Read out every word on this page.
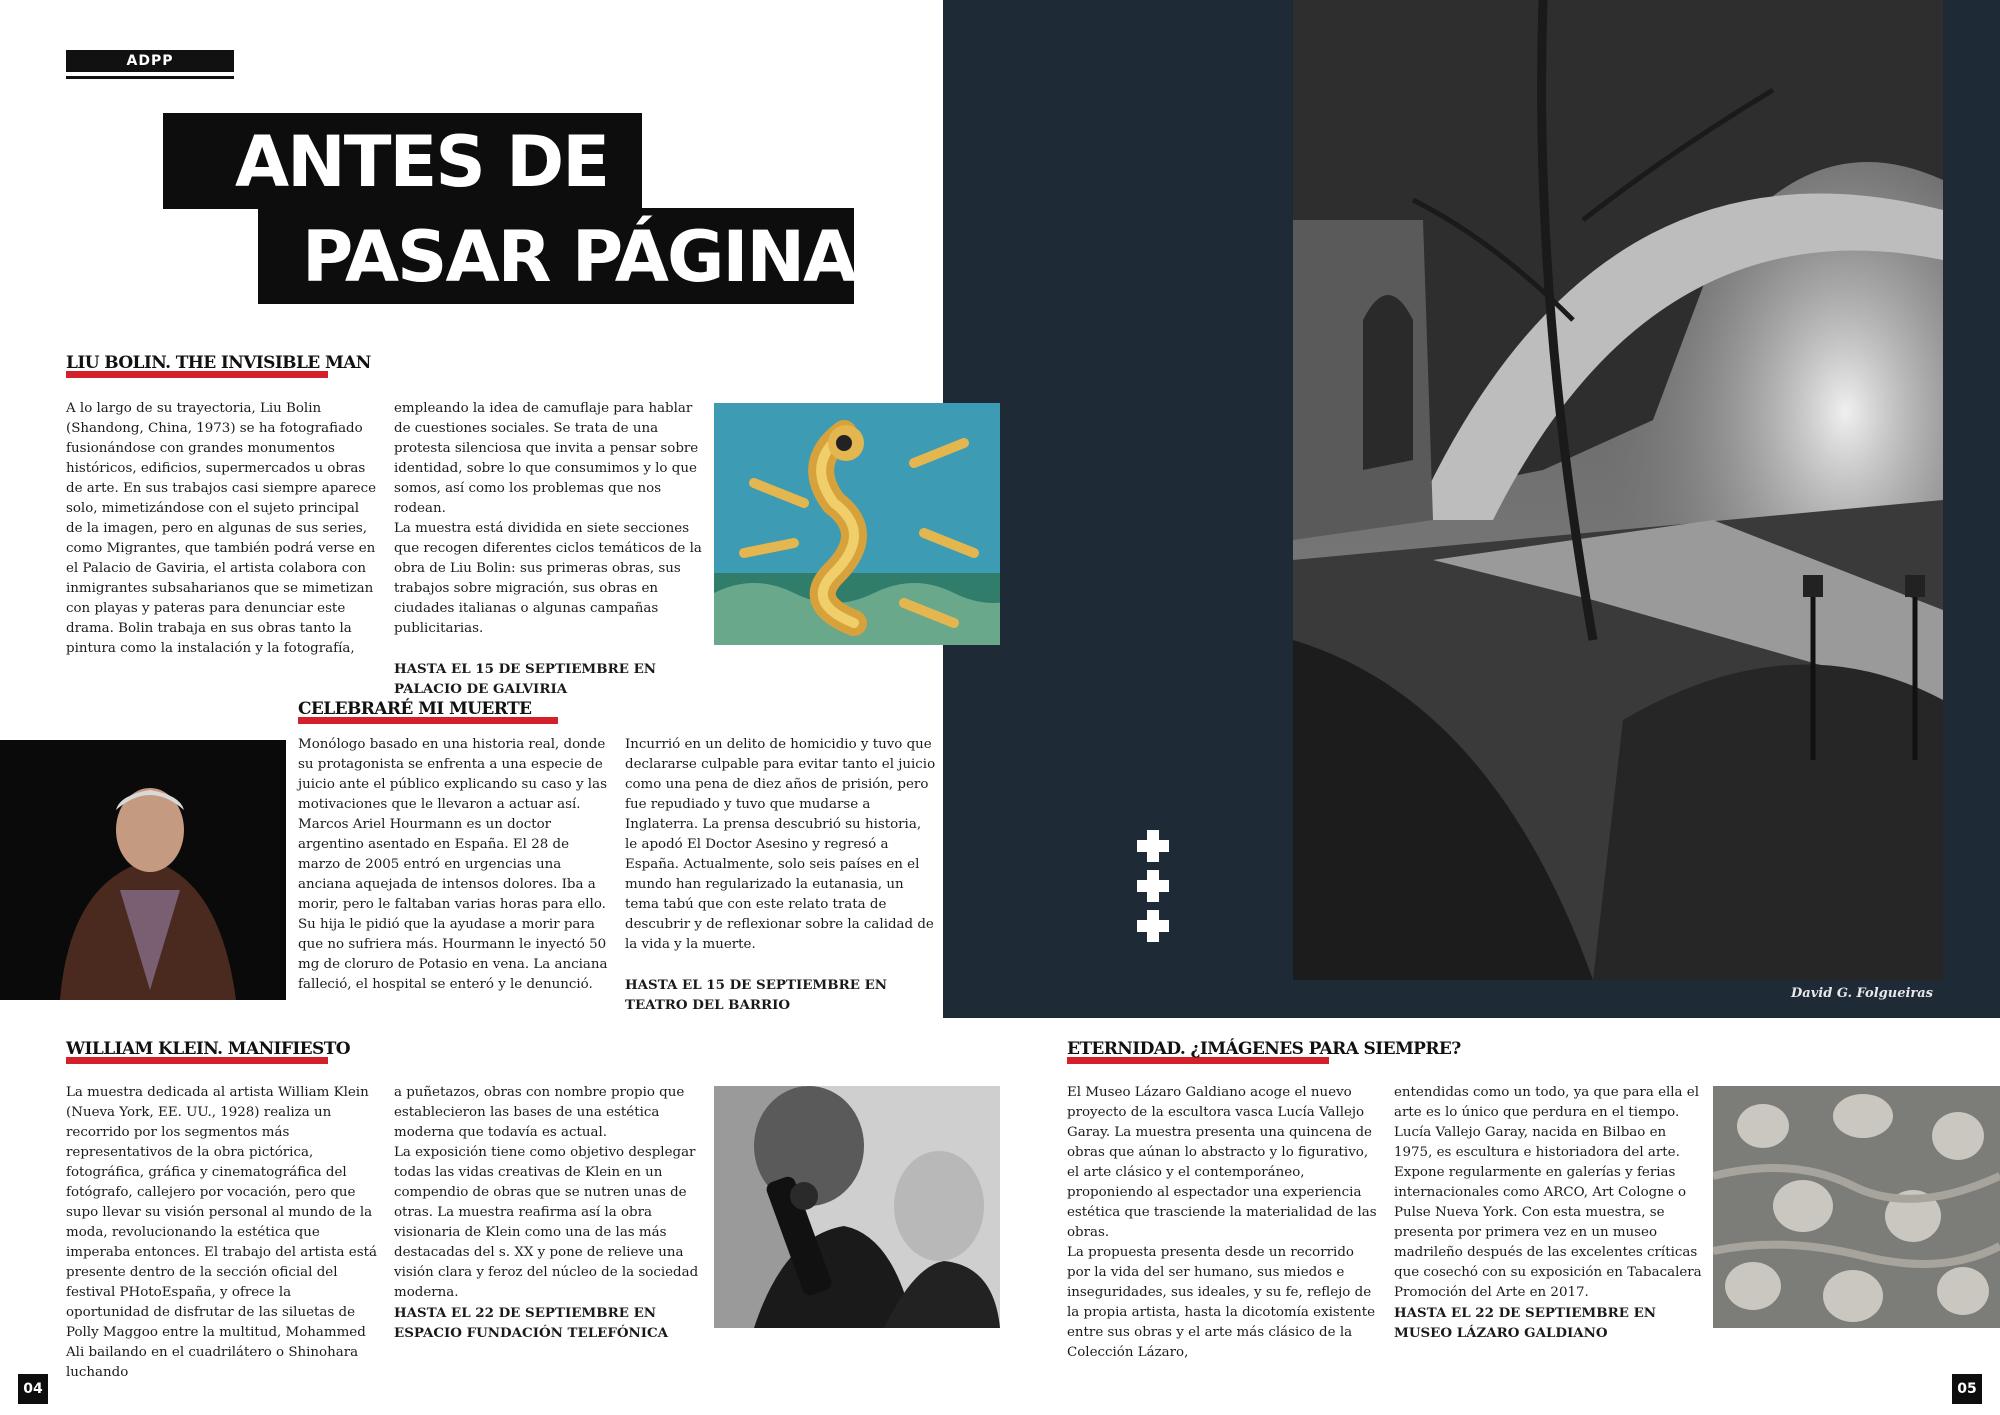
David G. Folgueiras
ADPP
ANTES DE
PASAR PÁGINA
LIU BOLIN. THE INVISIBLE MAN

A lo largo de su trayectoria, Liu Bolin (Shandong, China, 1973) se ha fotografiado fusionándose con grandes monumentos históricos, edificios, supermercados u obras de arte. En sus trabajos casi siempre aparece solo, mimetizándose con el sujeto principal de la imagen, pero en algunas de sus series, como Migrantes, que también podrá verse en el Palacio de Gaviria, el artista colabora con inmigrantes subsaharianos que se mimetizan con playas y pateras para denunciar este drama. Bolin trabaja en sus obras tanto la pintura como la instalación y la fotografía,

empleando la idea de camuflaje para hablar de cuestiones sociales. Se trata de una protesta silenciosa que invita a pensar sobre identidad, sobre lo que consumimos y lo que somos, así como los problemas que nos rodean.

La muestra está dividida en siete secciones que recogen diferentes ciclos temáticos de la obra de Liu Bolin: sus primeras obras, sus trabajos sobre migración, sus obras en ciudades italianas o algunas campañas publicitarias.

HASTA EL 15 DE SEPTIEMBRE EN PALACIO DE GALVIRIA

CELEBRARÉ MI MUERTE

Monólogo basado en una historia real, donde su protagonista se enfrenta a una especie de juicio ante el público explicando su caso y las motivaciones que le llevaron a actuar así.

Marcos Ariel Hourmann es un doctor argentino asentado en España. El 28 de marzo de 2005 entró en urgencias una anciana aquejada de intensos dolores. Iba a morir, pero le faltaban varias horas para ello.

Su hija le pidió que la ayudase a morir para que no sufriera más. Hourmann le inyectó 50 mg de cloruro de Potasio en vena. La anciana falleció, el hospital se enteró y le denunció.

Incurrió en un delito de homicidio y tuvo que declararse culpable para evitar tanto el juicio como una pena de diez años de prisión, pero fue repudiado y tuvo que mudarse a Inglaterra. La prensa descubrió su historia, le apodó El Doctor Asesino y regresó a España. Actualmente, solo seis países en el mundo han regularizado la eutanasia, un tema tabú que con este relato trata de descubrir y de reflexionar sobre la calidad de la vida y la muerte.

HASTA EL 15 DE SEPTIEMBRE EN TEATRO DEL BARRIO

WILLIAM KLEIN. MANIFIESTO

La muestra dedicada al artista William Klein (Nueva York, EE. UU., 1928) realiza un recorrido por los segmentos más representativos de la obra pictórica, fotográfica, gráfica y cinematográfica del fotógrafo, callejero por vocación, pero que supo llevar su visión personal al mundo de la moda, revolucionando la estética que imperaba entonces. El trabajo del artista está presente dentro de la sección oficial del festival PHotoEspaña, y ofrece la oportunidad de disfrutar de las siluetas de Polly Maggoo entre la multitud, Mohammed Ali bailando en el cuadrilátero o Shinohara luchando

a puñetazos, obras con nombre propio que establecieron las bases de una estética moderna que todavía es actual.

La exposición tiene como objetivo desplegar todas las vidas creativas de Klein en un compendio de obras que se nutren unas de otras. La muestra reafirma así la obra visionaria de Klein como una de las más destacadas del s. XX y pone de relieve una visión clara y feroz del núcleo de la sociedad moderna.

HASTA EL 22 DE SEPTIEMBRE EN ESPACIO FUNDACIÓN TELEFÓNICA

ETERNIDAD. ¿IMÁGENES PARA SIEMPRE?

El Museo Lázaro Galdiano acoge el nuevo proyecto de la escultora vasca Lucía Vallejo Garay. La muestra presenta una quincena de obras que aúnan lo abstracto y lo figurativo, el arte clásico y el contemporáneo, proponiendo al espectador una experiencia estética que trasciende la materialidad de las obras.

La propuesta presenta desde un recorrido por la vida del ser humano, sus miedos e inseguridades, sus ideales, y su fe, reflejo de la propia artista, hasta la dicotomía existente entre sus obras y el arte más clásico de la Colección Lázaro,

entendidas como un todo, ya que para ella el arte es lo único que perdura en el tiempo.

Lucía Vallejo Garay, nacida en Bilbao en 1975, es escultura e historiadora del arte. Expone regularmente en galerías y ferias internacionales como ARCO, Art Cologne o Pulse Nueva York. Con esta muestra, se presenta por primera vez en un museo madrileño después de las excelentes críticas que cosechó con su exposición en Tabacalera Promoción del Arte en 2017.

HASTA EL 22 DE SEPTIEMBRE EN MUSEO LÁZARO GALDIANO

04	05
